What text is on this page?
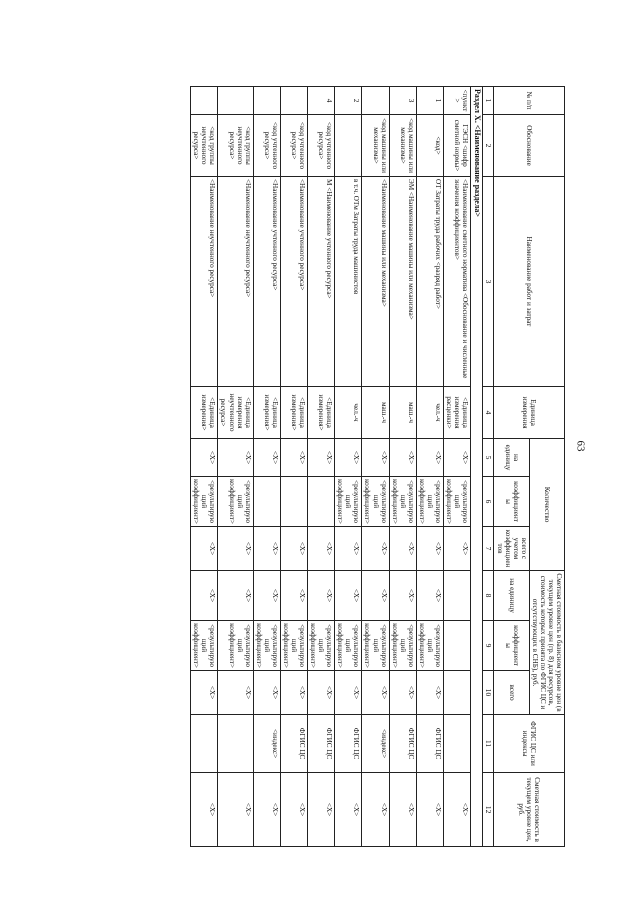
63
№ п/п	Обоснование	Наименование работ и затрат	Единица измерения	Количество			Сметная стоимость в базисном уровне цен (в текущем уровне цен (гр. 8) для ресурсов, стоимость которых принята по ФГИС ЦС и отсутствующих в СНБ), руб.			ФГИС ЦС или индексы	Сметная стоимость в текущем уровне цен, руб.
				на единицу	коэффициенты	всего с учетом коэффициентов	на единицу	коэффициенты	всего		
1	2	3	4	5	6	7	8	9	10	11	12
Раздел X. <Наименование раздела>											
<пункт>	ГЭСН <шифр сметной нормы>	<Наименование сметного норматива <Обоснование и численные значения коэффициентов>	<Единица измерения расценки>	<X>	<результирующий коэффициент>	<X>					<X>
1	<код>	ОТ Затраты труда рабочих <разряд работ>	чел.-ч	<X>	<результирующий коэффициент>	<X>	<X>	<результирующий коэффициент>	<X>	ФГИС ЦС	<X>
3	<код машины или механизма>	ЭМ <Наименование машины или механизма>	маш.-ч	<X>	<результирующий коэффициент>	<X>	<X>	<результирующий коэффициент>	<X>	ФГИС ЦС	<X>
	<код машины или механизма>	<Наименование машины или механизма>	маш.-ч	<X>	<результирующий коэффициент>	<X>	<X>	<результирующий коэффициент>	<X>	<индекс>	<X>
2		в т.ч. ОТм Затраты труда машинистов	чел.-ч	<X>	<результирующий коэффициент>	<X>	<X>	<результирующий коэффициент>	<X>	ФГИС ЦС	<X>
4	<код учтенного ресурса>	М <Наименование учтенного ресурса>	<Единица измерения>	<X>		<X>	<X>	<результирующий коэффициент>	<X>	ФГИС ЦС	<X>
	<код учтенного ресурса>	<Наименование учтенного ресурса>	<Единица измерения>	<X>		<X>	<X>	<результирующий коэффициент>	<X>	ФГИС ЦС	<X>
	<код учтенного ресурса>	<Наименование учтенного ресурса>	<Единица измерения>	<X>		<X>	<X>	<результирующий коэффициент>	<X>	<индекс>	<X>
	<код группы неучтенного ресурса>	<Наименование неучтенного ресурса>	<Единица измерения неучтенного ресурса>	<X>	<результирующий коэффициент>	<X>	<X>	<результирующий коэффициент>	<X>		<X>
	<код группы неучтенного ресурса>	<Наименование неучтенного ресурса>	<Единица измерения>	<X>	<результирующий коэффициент>	<X>	<X>	<результирующий коэффициент>	<X>		<X>
